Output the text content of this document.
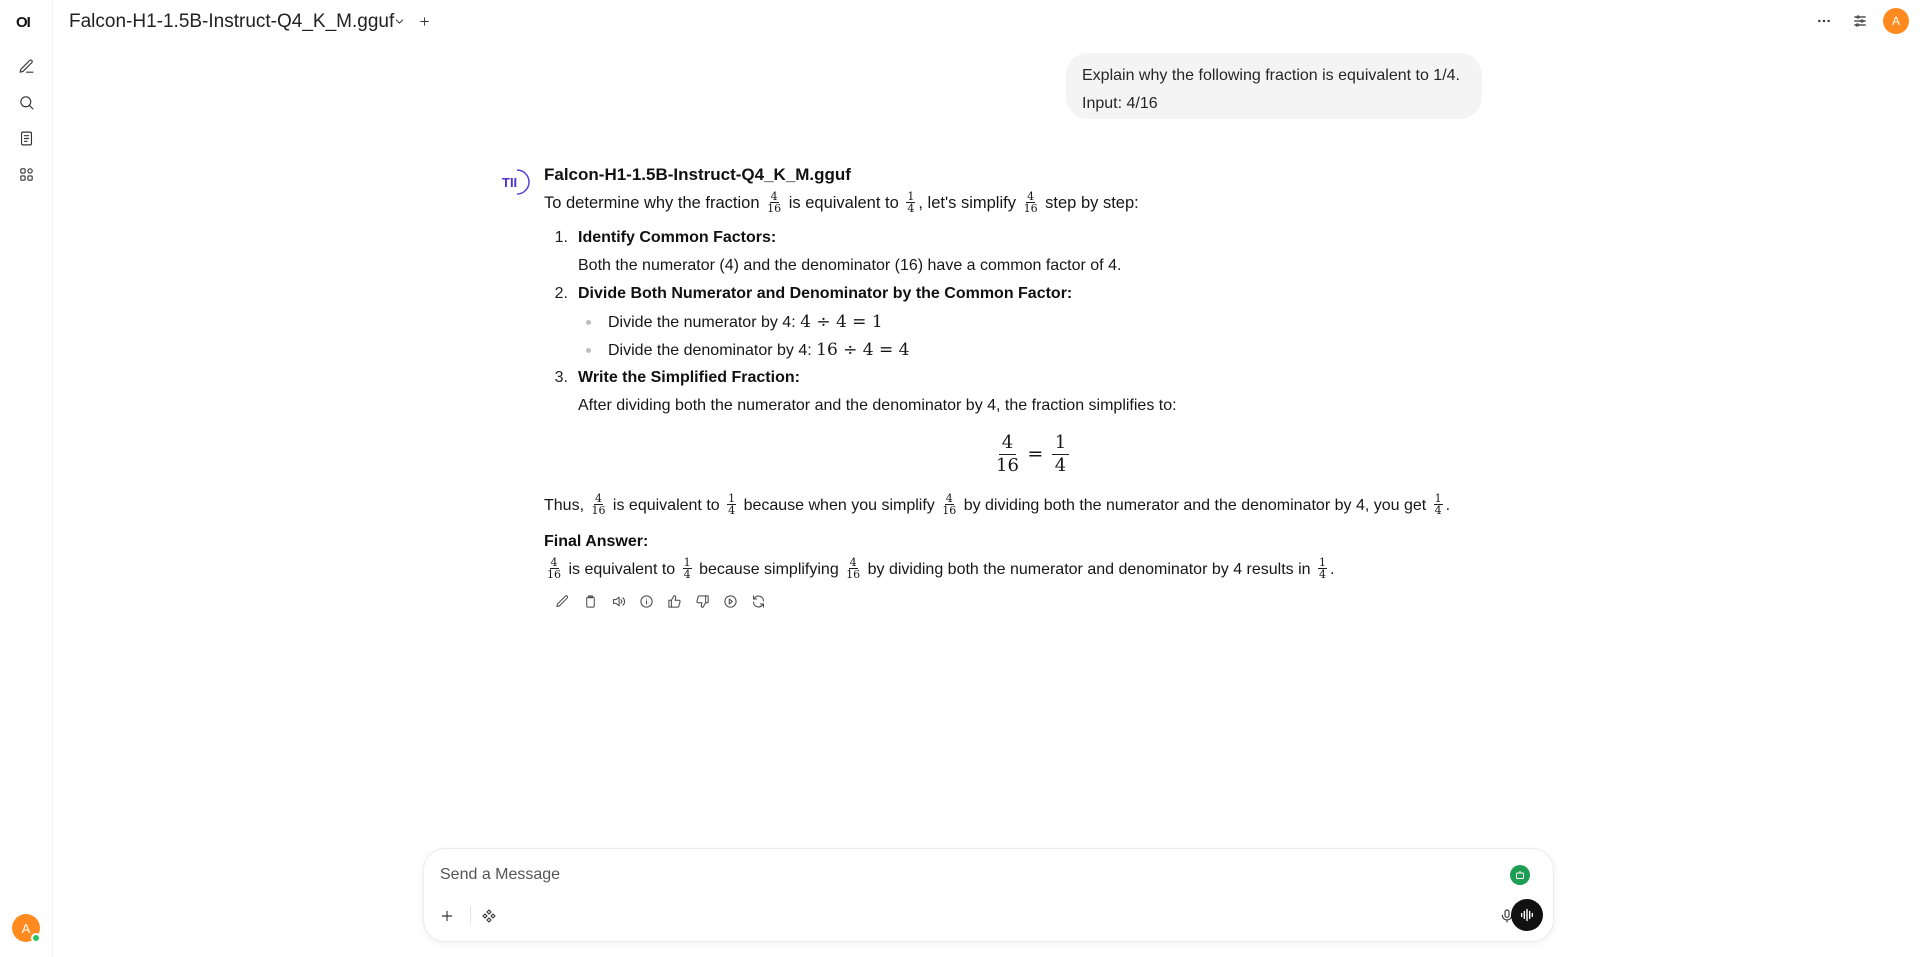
OI
A
Falcon-H1-1.5B-Instruct-Q4_K_M.gguf	A
Explain why the following fraction is equivalent to 1/4.
Input: 4/16
TII Falcon-H1-1.5B-Instruct-Q4_K_M.gguf
To determine why the fraction $\frac{4}{16}$ is equivalent to $\frac{1}{4}$ , let's simplify $\frac{4}{16}$ step by step:
1. Identify Common Factors:
Both the numerator (4) and the denominator (16) have a common factor of 4.
2. Divide Both Numerator and Denominator by the Common Factor:
Divide the numerator by 4: 4 ÷ 4 = 1
Divide the denominator by 4: 16 ÷ 4 = 4
3. Write the Simplified Fraction:
After dividing both the numerator and the denominator by 4, the fraction simplifies to:
$\frac{4}{16} = \frac{1}{4}$
Thus, $\frac{4}{16}$ is equivalent to $\frac{1}{4}$ because when you simplify $\frac{4}{16}$ by dividing both the numerator and the denominator by 4, you get $\frac{1}{4}$ .
Final Answer:
$\frac{4}{16}$ is equivalent to $\frac{1}{4}$ because simplifying $\frac{4}{16}$ by dividing both the numerator and denominator by 4 results in $\frac{1}{4}$ .
Send a Message
